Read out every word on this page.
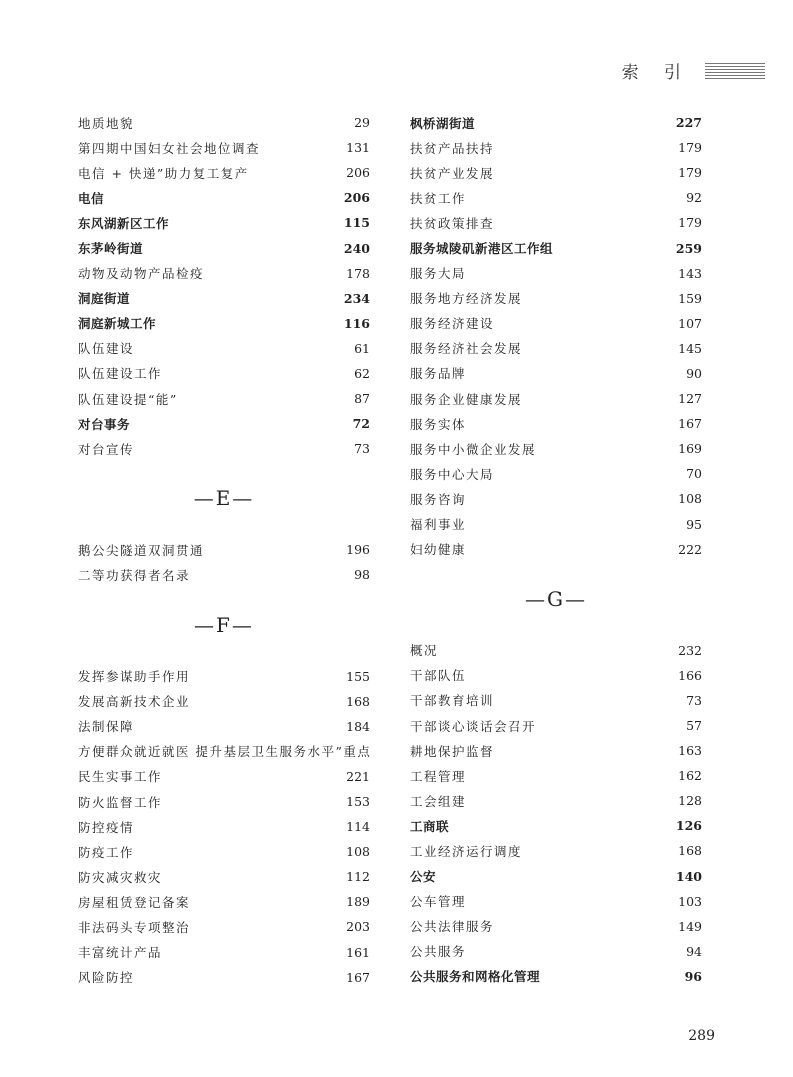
索 引
地质地貌	29
第四期中国妇女社会地位调查	131
电信 + 快递”助力复工复产	206
电信	206
东风湖新区工作	115
东茅岭街道	240
动物及动物产品检疫	178
洞庭街道	234
洞庭新城工作	116
队伍建设	61
队伍建设工作	62
队伍建设提“能”	87
对台事务	72
对台宣传	73
—E—
鹅公尖隧道双洞贯通	196
二等功获得者名录	98
—F—
发挥参谋助手作用	155
发展高新技术企业	168
法制保障	184
方便群众就近就医 提升基层卫生服务水平”重点
民生实事工作	221
防火监督工作	153
防控疫情	114
防疫工作	108
防灾减灾救灾	112
房屋租赁登记备案	189
非法码头专项整治	203
丰富统计产品	161
风险防控	167
枫桥湖街道	227
扶贫产品扶持	179
扶贫产业发展	179
扶贫工作	92
扶贫政策排查	179
服务城陵矶新港区工作组	259
服务大局	143
服务地方经济发展	159
服务经济建设	107
服务经济社会发展	145
服务品牌	90
服务企业健康发展	127
服务实体	167
服务中小微企业发展	169
服务中心大局	70
服务咨询	108
福利事业	95
妇幼健康	222
—G—
概况	232
干部队伍	166
干部教育培训	73
干部谈心谈话会召开	57
耕地保护监督	163
工程管理	162
工会组建	128
工商联	126
工业经济运行调度	168
公安	140
公车管理	103
公共法律服务	149
公共服务	94
公共服务和网格化管理	96
289
